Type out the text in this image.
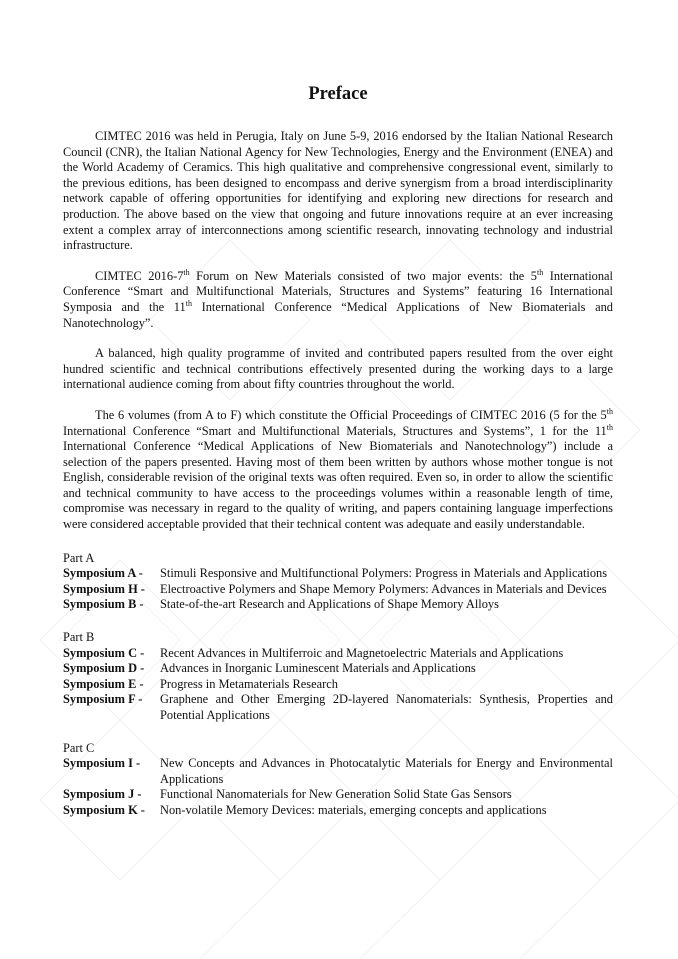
Preface

CIMTEC 2016 was held in Perugia, Italy on June 5-9, 2016 endorsed by the Italian National Research Council (CNR), the Italian National Agency for New Technologies, Energy and the Environment (ENEA) and the World Academy of Ceramics. This high qualitative and comprehensive congressional event, similarly to the previous editions, has been designed to encompass and derive synergism from a broad interdisciplinarity network capable of offering opportunities for identifying and exploring new directions for research and production. The above based on the view that ongoing and future innovations require at an ever increasing extent a complex array of interconnections among scientific research, innovating technology and industrial infrastructure.

CIMTEC 2016-7th Forum on New Materials consisted of two major events: the 5th International Conference “Smart and Multifunctional Materials, Structures and Systems” featuring 16 International Symposia and the 11th International Conference “Medical Applications of New Biomaterials and Nanotechnology”.

A balanced, high quality programme of invited and contributed papers resulted from the over eight hundred scientific and technical contributions effectively presented during the working days to a large international audience coming from about fifty countries throughout the world.

The 6 volumes (from A to F) which constitute the Official Proceedings of CIMTEC 2016 (5 for the 5th International Conference “Smart and Multifunctional Materials, Structures and Systems”, 1 for the 11th International Conference “Medical Applications of New Biomaterials and Nanotechnology”) include a selection of the papers presented. Having most of them been written by authors whose mother tongue is not English, considerable revision of the original texts was often required. Even so, in order to allow the scientific and technical community to have access to the proceedings volumes within a reasonable length of time, compromise was necessary in regard to the quality of writing, and papers containing language imperfections were considered acceptable provided that their technical content was adequate and easily understandable.

Part A
Symposium A -	Stimuli Responsive and Multifunctional Polymers: Progress in Materials and Applications
Symposium H -	Electroactive Polymers and Shape Memory Polymers: Advances in Materials and Devices
Symposium B -	State-of-the-art Research and Applications of Shape Memory Alloys
Part B
Symposium C -	Recent Advances in Multiferroic and Magnetoelectric Materials and Applications
Symposium D -	Advances in Inorganic Luminescent Materials and Applications
Symposium E -	Progress in Metamaterials Research
Symposium F -	Graphene and Other Emerging 2D-layered Nanomaterials: Synthesis, Properties and Potential Applications
Part C
Symposium I -	New Concepts and Advances in Photocatalytic Materials for Energy and Environmental Applications
Symposium J -	Functional Nanomaterials for New Generation Solid State Gas Sensors
Symposium K -	Non-volatile Memory Devices: materials, emerging concepts and applications
